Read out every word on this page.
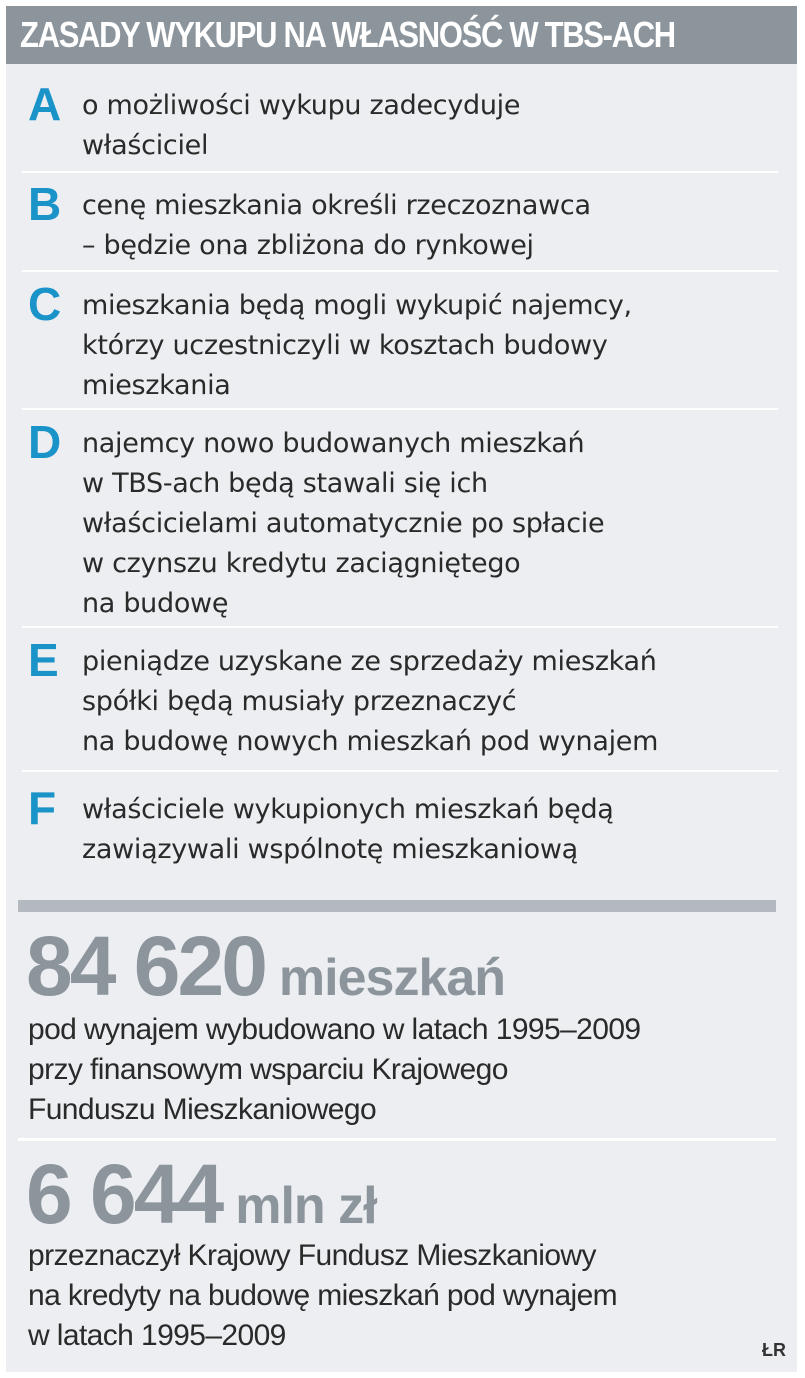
ZASADY WYKUPU NA WŁASNOŚĆ W TBS-ACH
A o możliwości wykupu zadecyduje
właściciel
B cenę mieszkania określi rzeczoznawca
– będzie ona zbliżona do rynkowej
C mieszkania będą mogli wykupić najemcy,
którzy uczestniczyli w kosztach budowy
mieszkania
D najemcy nowo budowanych mieszkań
w TBS-ach będą stawali się ich
właścicielami automatycznie po spłacie
w czynszu kredytu zaciągniętego
na budowę
E pieniądze uzyskane ze sprzedaży mieszkań
spółki będą musiały przeznaczyć
na budowę nowych mieszkań pod wynajem
F właściciele wykupionych mieszkań będą
zawiązywali wspólnotę mieszkaniową
84 620 mieszkań
pod wynajem wybudowano w latach 1995–2009
przy finansowym wsparciu Krajowego
Funduszu Mieszkaniowego
6 644 mln zł
przeznaczył Krajowy Fundusz Mieszkaniowy
na kredyty na budowę mieszkań pod wynajem
w latach 1995–2009	ŁR
